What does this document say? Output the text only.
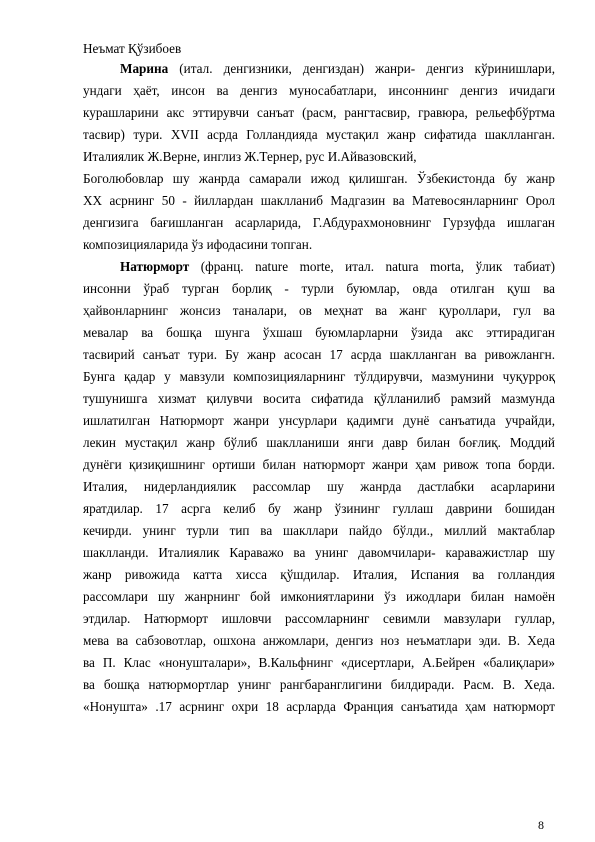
Неъмат Қўзибоев
Марина (итал. денгизники, денгиздан) жанри- денгиз кўринишлари,
ундаги ҳаёт, инсон ва денгиз муносабатлари, инсоннинг денгиз ичидаги
курашларини акс эттирувчи санъат (расм, рангтасвир, гравюра, рельефбўртма
тасвир) тури. XVII асрда Голландияда мустақил жанр сифатида шаклланган.
Италиялик Ж.Верне, инглиз Ж.Тернер, рус И.Айвазовский,
Боголюбовлар шу жанрда самарали ижод қилишган. Ўзбекистонда бу жанр
XX асрнинг 50 - йиллардан шаклланиб Мадгазин ва Матевосянларнинг Орол
денгизига бағишланган асарларида, Г.Абдурахмоновнинг Гурзуфда ишлаган
композицияларида ўз ифодасини топган.
Натюрморт (франц. nature morte, итал. natura morta, ўлик табиат)
инсонни ўраб турган борлиқ - турли буюмлар, овда отилган қуш ва
ҳайвонларнинг жонсиз таналари, ов меҳнат ва жанг қуроллари, гул ва
мевалар ва бошқа шунга ўхшаш буюмларларни ўзида акс эттирадиган
тасвирий санъат тури. Бу жанр асосан 17 асрда шаклланган ва ривожлангн.
Бунга қадар у мавзули композицияларнинг тўлдирувчи, мазмунини чуқурроқ
тушунишга хизмат қилувчи восита сифатида қўлланилиб рамзий мазмунда
ишлатилган Натюрморт жанри унсурлари қадимги дунё санъатида учрайди,
лекин мустақил жанр бўлиб шаклланиши янги давр билан боғлиқ. Моддий
дунёги қизиқишнинг ортиши билан натюрморт жанри ҳам ривож топа борди.
Италия, нидерландиялик рассомлар шу жанрда дастлабки асарларини
яратдилар. 17 асрга келиб бу жанр ўзининг гуллаш даврини бошидан
кечирди. унинг турли тип ва шакллари пайдо бўлди., миллий мактаблар
шаклланди. Италиялик Караважо ва унинг давомчилари- караважистлар шу
жанр ривожида катта хисса қўшдилар. Италия, Испания ва голландия
рассомлари шу жанрнинг бой имкониятларини ўз ижодлари билан намоён
этдилар. Натюрморт ишловчи рассомларнинг севимли мавзулари гуллар,
мева ва сабзовотлар, ошхона анжомлари, денгиз ноз неъматлари эди. В. Хеда
ва П. Клас «нонушталари», В.Кальфнинг «дисертлари, А.Бейрен «балиқлари»
ва бошқа натюрмортлар унинг рангбаранглигини билдиради. Расм. В. Хеда.
«Нонушта» .17 асрнинг охри 18 асрларда Франция санъатида ҳам натюрморт
8
